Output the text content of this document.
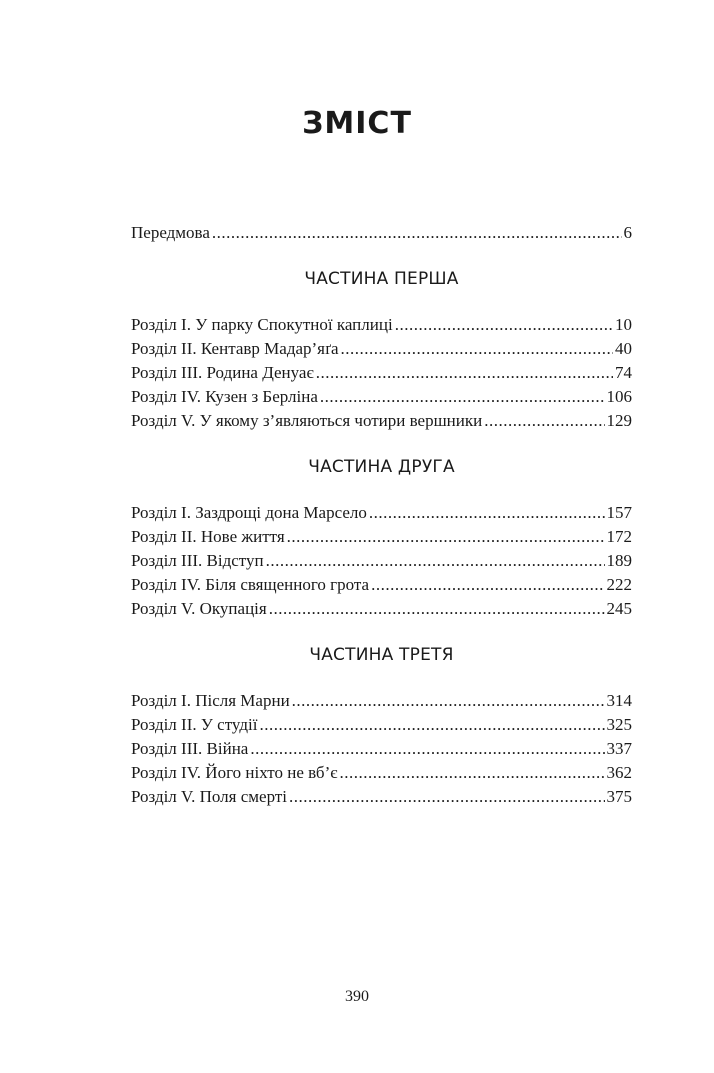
ЗМІСТ
Передмова .....	6
ЧАСТИНА ПЕРША
Розділ І. У парку Спокутної каплиці .....	10
Розділ ІІ. Кентавр Мадар’яґа .....	40
Розділ ІІІ. Родина Денуає .....	74
Розділ IV. Кузен з Берліна .....	106
Розділ V. У якому з’являються чотири вершники .....	129
ЧАСТИНА ДРУГА
Розділ I. Заздрощі дона Марсело .....	157
Розділ II. Нове життя .....	172
Розділ III. Відступ .....	189
Розділ IV. Біля священного грота .....	222
Розділ V. Окупація .....	245
ЧАСТИНА ТРЕТЯ
Розділ I. Після Марни .....	314
Розділ II. У студії .....	325
Розділ III. Війна .....	337
Розділ IV. Його ніхто не вб’є .....	362
Розділ V. Поля смерті .....	375
390
